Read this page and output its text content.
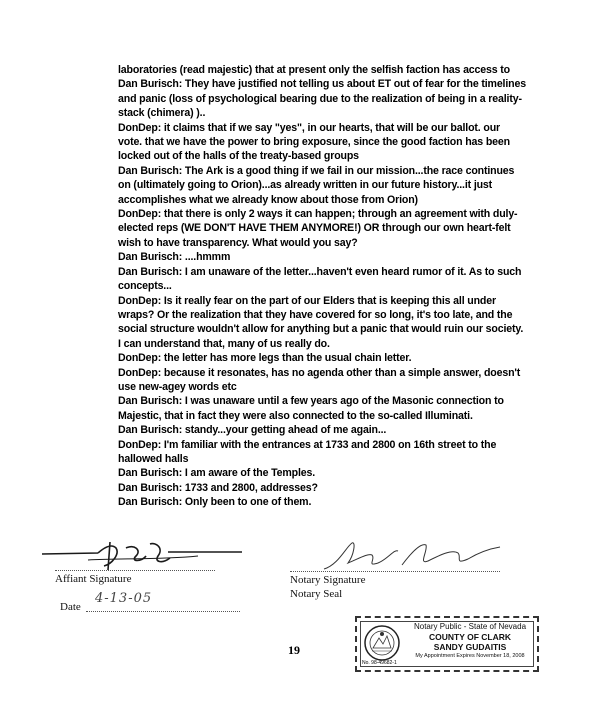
laboratories (read majestic) that at present only the selfish faction has access to

Dan Burisch: They have justified not telling us about ET out of fear for the timelines and panic (loss of psychological bearing due to the realization of being in a reality-stack (chimera) )..

DonDep: it claims that if we say "yes", in our hearts, that will be our ballot. our vote. that we have the power to bring exposure, since the good faction has been locked out of the halls of the treaty-based groups

Dan Burisch: The Ark is a good thing if we fail in our mission...the race continues on (ultimately going to Orion)...as already written in our future history...it just accomplishes what we already know about those from Orion)

DonDep: that there is only 2 ways it can happen; through an agreement with duly-elected reps (WE DON'T HAVE THEM ANYMORE!) OR through our own heart-felt wish to have transparency. What would you say?

Dan Burisch: ....hmmm

Dan Burisch: I am unaware of the letter...haven't even heard rumor of it. As to such concepts...

DonDep: Is it really fear on the part of our Elders that is keeping this all under wraps? Or the realization that they have covered for so long, it's too late, and the social structure wouldn't allow for anything but a panic that would ruin our society. I can understand that, many of us really do.

DonDep: the letter has more legs than the usual chain letter.

DonDep: because it resonates, has no agenda other than a simple answer, doesn't use new-agey words etc

Dan Burisch: I was unaware until a few years ago of the Masonic connection to Majestic, that in fact they were also connected to the so-called Illuminati.

Dan Burisch: standy...your getting ahead of me again...

DonDep: I'm familiar with the entrances at 1733 and 2800 on 16th street to the hallowed halls

Dan Burisch: I am aware of the Temples.

Dan Burisch: 1733 and 2800, addresses?

Dan Burisch: Only been to one of them.

Affiant Signature	Notary Signature
Notary Seal
Date
4-13-05
19
Notary Public - State of Nevada
COUNTY OF CLARK
SANDY GUDAITIS
My Appointment Expires November 18, 2008
No. 98-49682-1
